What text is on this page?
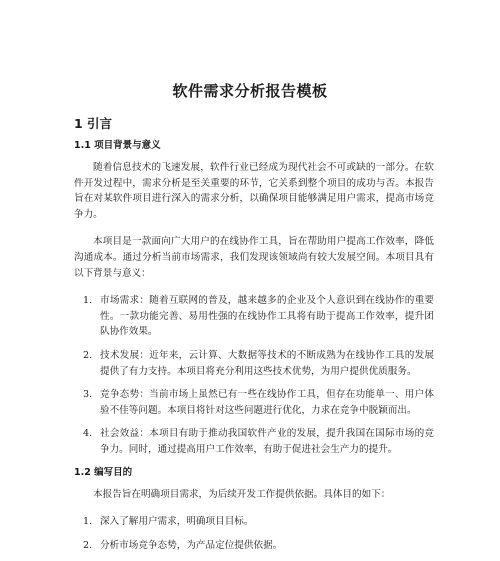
软件需求分析报告模板
1 引言
1.1 项目背景与意义

随着信息技术的飞速发展，软件行业已经成为现代社会不可或缺的一部分。在软件开发过程中，需求分析是至关重要的环节，它关系到整个项目的成功与否。本报告旨在对某软件项目进行深入的需求分析，以确保项目能够满足用户需求，提高市场竞争力。

本项目是一款面向广大用户的在线协作工具，旨在帮助用户提高工作效率，降低沟通成本。通过分析当前市场需求，我们发现该领域尚有较大发展空间。本项目具有以下背景与意义：

1. 市场需求：随着互联网的普及，越来越多的企业及个人意识到在线协作的重要性。一款功能完善、易用性强的在线协作工具将有助于提高工作效率，提升团队协作效果。
2. 技术发展：近年来，云计算、大数据等技术的不断成熟为在线协作工具的发展提供了有力支持。本项目将充分利用这些技术优势，为用户提供优质服务。
3. 竞争态势：当前市场上虽然已有一些在线协作工具，但存在功能单一、用户体验不佳等问题。本项目将针对这些问题进行优化，力求在竞争中脱颖而出。
4. 社会效益：本项目有助于推动我国软件产业的发展，提升我国在国际市场的竞争力。同时，通过提高用户工作效率，有助于促进社会生产力的提升。
1.2 编写目的

本报告旨在明确项目需求，为后续开发工作提供依据。具体目的如下：

1. 深入了解用户需求，明确项目目标。
2. 分析市场竞争态势，为产品定位提供依据。
